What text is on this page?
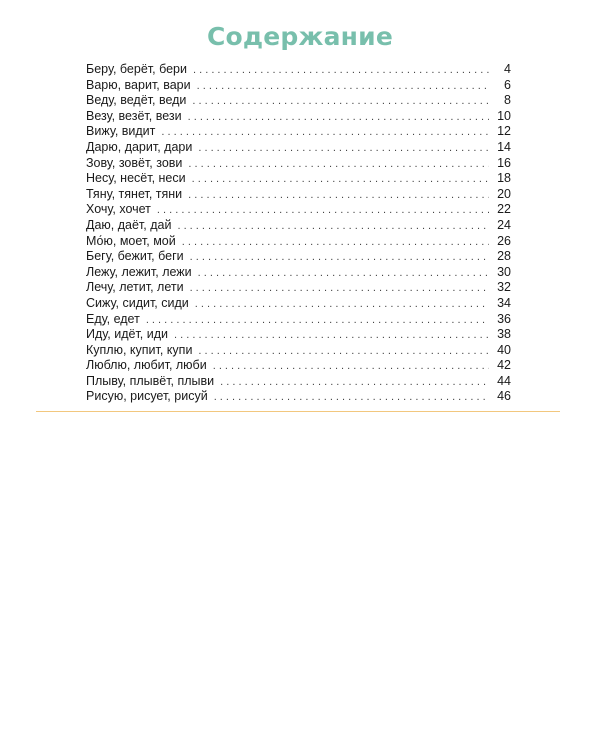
Содержание
Беру, берёт, бери . . .	4
Варю, варит, вари . . .	6
Веду, ведёт, веди . . .	8
Везу, везёт, вези . . .	10
Вижу, видит . . .	12
Дарю, дарит, дари . . .	14
Зову, зовёт, зови . . .	16
Несу, несёт, неси . . .	18
Тяну, тянет, тяни . . .	20
Хочу, хочет . . .	22
Даю, даёт, дай . . .	24
Мо́ю, моет, мой . . .	26
Бегу, бежит, беги . . .	28
Лежу, лежит, лежи . . .	30
Лечу, летит, лети . . .	32
Сижу, сидит, сиди . . .	34
Еду, едет . . .	36
Иду, идёт, иди . . .	38
Куплю, купит, купи . . .	40
Люблю, любит, люби . . .	42
Плыву, плывёт, плыви . . .	44
Рисую, рисует, рисуй . . .	46
